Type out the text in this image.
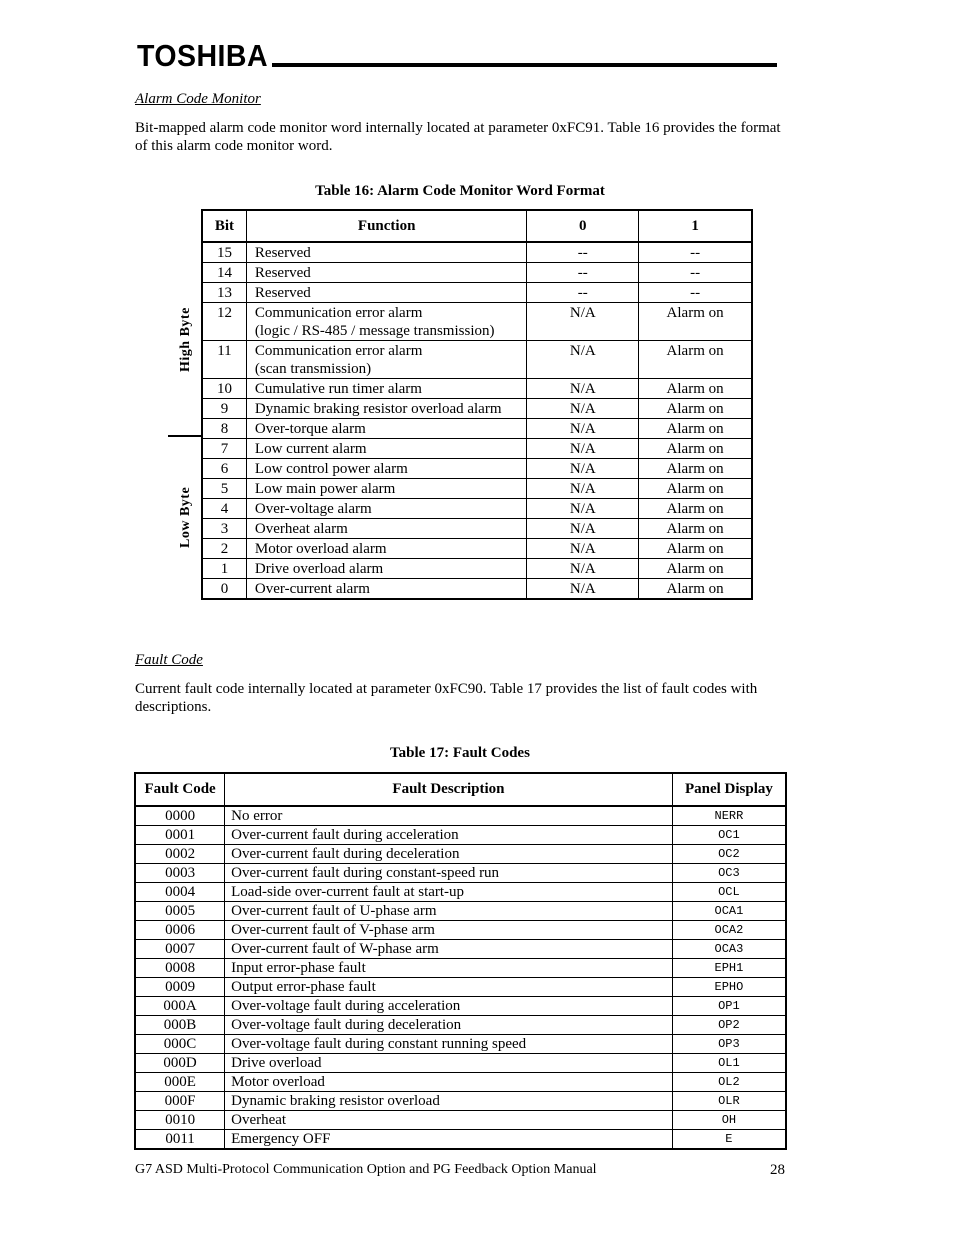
TOSHIBA
Alarm Code Monitor
Bit-mapped alarm code monitor word internally located at parameter 0xFC91. Table 16 provides the format of this alarm code monitor word.
Table 16: Alarm Code Monitor Word Format
High Byte
Low Byte
Bit	Function	0	1
15	Reserved	--	--
14	Reserved	--	--
13	Reserved	--	--
12	Communication error alarm
(logic / RS-485 / message transmission)	N/A	Alarm on
11	Communication error alarm
(scan transmission)	N/A	Alarm on
10	Cumulative run timer alarm	N/A	Alarm on
9	Dynamic braking resistor overload alarm	N/A	Alarm on
8	Over-torque alarm	N/A	Alarm on
7	Low current alarm	N/A	Alarm on
6	Low control power alarm	N/A	Alarm on
5	Low main power alarm	N/A	Alarm on
4	Over-voltage alarm	N/A	Alarm on
3	Overheat alarm	N/A	Alarm on
2	Motor overload alarm	N/A	Alarm on
1	Drive overload alarm	N/A	Alarm on
0	Over-current alarm	N/A	Alarm on
Fault Code
Current fault code internally located at parameter 0xFC90. Table 17 provides the list of fault codes with descriptions.
Table 17: Fault Codes
Fault Code	Fault Description	Panel Display
0000	No error	NERR
0001	Over-current fault during acceleration	OC1
0002	Over-current fault during deceleration	OC2
0003	Over-current fault during constant-speed run	OC3
0004	Load-side over-current fault at start-up	OCL
0005	Over-current fault of U-phase arm	OCA1
0006	Over-current fault of V-phase arm	OCA2
0007	Over-current fault of W-phase arm	OCA3
0008	Input error-phase fault	EPH1
0009	Output error-phase fault	EPHO
000A	Over-voltage fault during acceleration	OP1
000B	Over-voltage fault during deceleration	OP2
000C	Over-voltage fault during constant running speed	OP3
000D	Drive overload	OL1
000E	Motor overload	OL2
000F	Dynamic braking resistor overload	OLR
0010	Overheat	OH
0011	Emergency OFF	E
G7 ASD Multi-Protocol Communication Option and PG Feedback Option Manual	28
